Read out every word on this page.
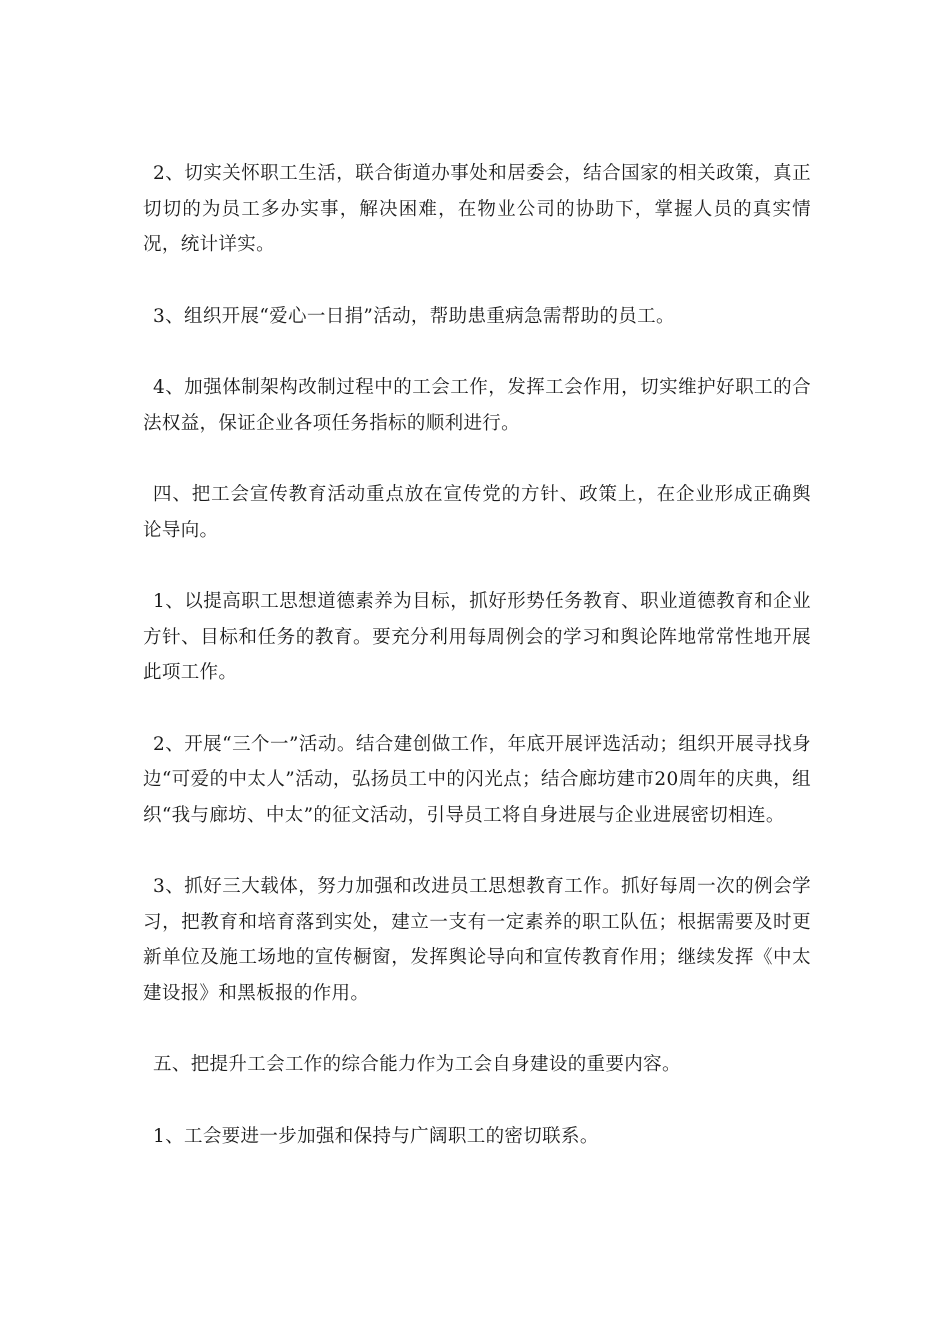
2、切实关怀职工生活，联合街道办事处和居委会，结合国家的相关政策，真正切切的为员工多办实事，解决困难，在物业公司的协助下，掌握人员的真实情况，统计详实。

3、组织开展“爱心一日捐”活动，帮助患重病急需帮助的员工。

4、加强体制架构改制过程中的工会工作，发挥工会作用，切实维护好职工的合法权益，保证企业各项任务指标的顺利进行。

四、把工会宣传教育活动重点放在宣传党的方针、政策上，在企业形成正确舆论导向。

1、以提高职工思想道德素养为目标，抓好形势任务教育、职业道德教育和企业方针、目标和任务的教育。要充分利用每周例会的学习和舆论阵地常常性地开展此项工作。

2、开展“三个一”活动。结合建创做工作，年底开展评选活动；组织开展寻找身边“可爱的中太人”活动，弘扬员工中的闪光点；结合廊坊建市20周年的庆典，组织“我与廊坊、中太”的征文活动，引导员工将自身进展与企业进展密切相连。

3、抓好三大载体，努力加强和改进员工思想教育工作。抓好每周一次的例会学习，把教育和培育落到实处，建立一支有一定素养的职工队伍；根据需要及时更新单位及施工场地的宣传橱窗，发挥舆论导向和宣传教育作用；继续发挥《中太建设报》和黑板报的作用。

五、把提升工会工作的综合能力作为工会自身建设的重要内容。

1、工会要进一步加强和保持与广阔职工的密切联系。
